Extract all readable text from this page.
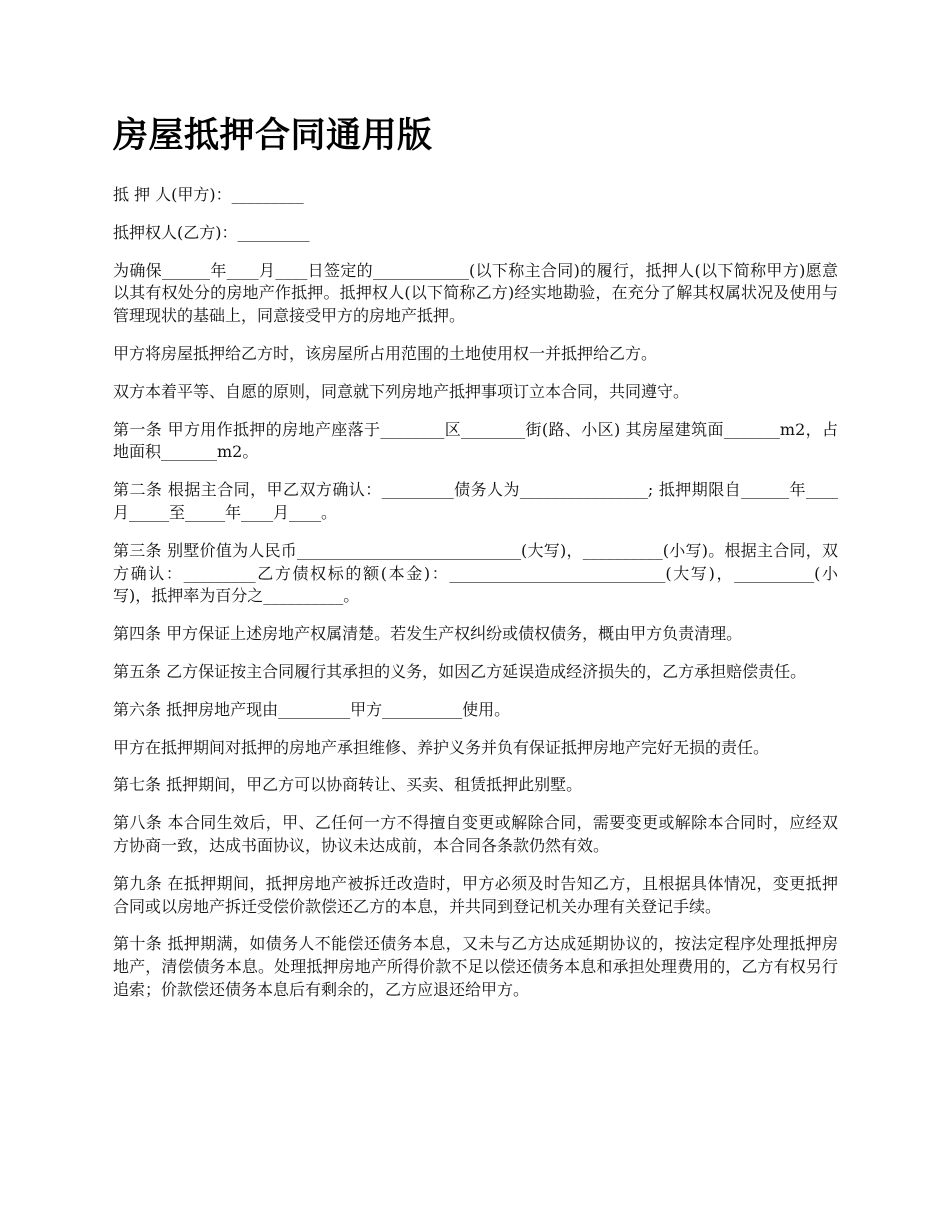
房屋抵押合同通用版

抵 押 人(甲方)：_________

抵押权人(乙方)：_________

为确保______年____月____日签定的____________(以下称主合同)的履行，抵押人(以下简称甲方)愿意以其有权处分的房地产作抵押。抵押权人(以下简称乙方)经实地勘验，在充分了解其权属状况及使用与管理现状的基础上，同意接受甲方的房地产抵押。

甲方将房屋抵押给乙方时，该房屋所占用范围的土地使用权一并抵押给乙方。

双方本着平等、自愿的原则，同意就下列房地产抵押事项订立本合同，共同遵守。

第一条 甲方用作抵押的房地产座落于________区________街(路、小区) 其房屋建筑面_______m2，占地面积_______m2。

第二条 根据主合同，甲乙双方确认：_________债务人为________________; 抵押期限自______年____月_____至_____年____月____。

第三条 别墅价值为人民币____________________________(大写)，__________(小写)。根据主合同，双方确认：_________乙方债权标的额(本金)：___________________________(大写)，__________(小写)，抵押率为百分之__________。

第四条 甲方保证上述房地产权属清楚。若发生产权纠纷或债权债务，概由甲方负责清理。

第五条 乙方保证按主合同履行其承担的义务，如因乙方延误造成经济损失的，乙方承担赔偿责任。

第六条 抵押房地产现由_________甲方__________使用。

甲方在抵押期间对抵押的房地产承担维修、养护义务并负有保证抵押房地产完好无损的责任。

第七条 抵押期间，甲乙方可以协商转让、买卖、租赁抵押此别墅。

第八条 本合同生效后，甲、乙任何一方不得擅自变更或解除合同，需要变更或解除本合同时，应经双方协商一致，达成书面协议，协议未达成前，本合同各条款仍然有效。

第九条 在抵押期间，抵押房地产被拆迁改造时，甲方必须及时告知乙方，且根据具体情况，变更抵押合同或以房地产拆迁受偿价款偿还乙方的本息，并共同到登记机关办理有关登记手续。

第十条 抵押期满，如债务人不能偿还债务本息，又未与乙方达成延期协议的，按法定程序处理抵押房地产，清偿债务本息。处理抵押房地产所得价款不足以偿还债务本息和承担处理费用的，乙方有权另行追索；价款偿还债务本息后有剩余的，乙方应退还给甲方。
